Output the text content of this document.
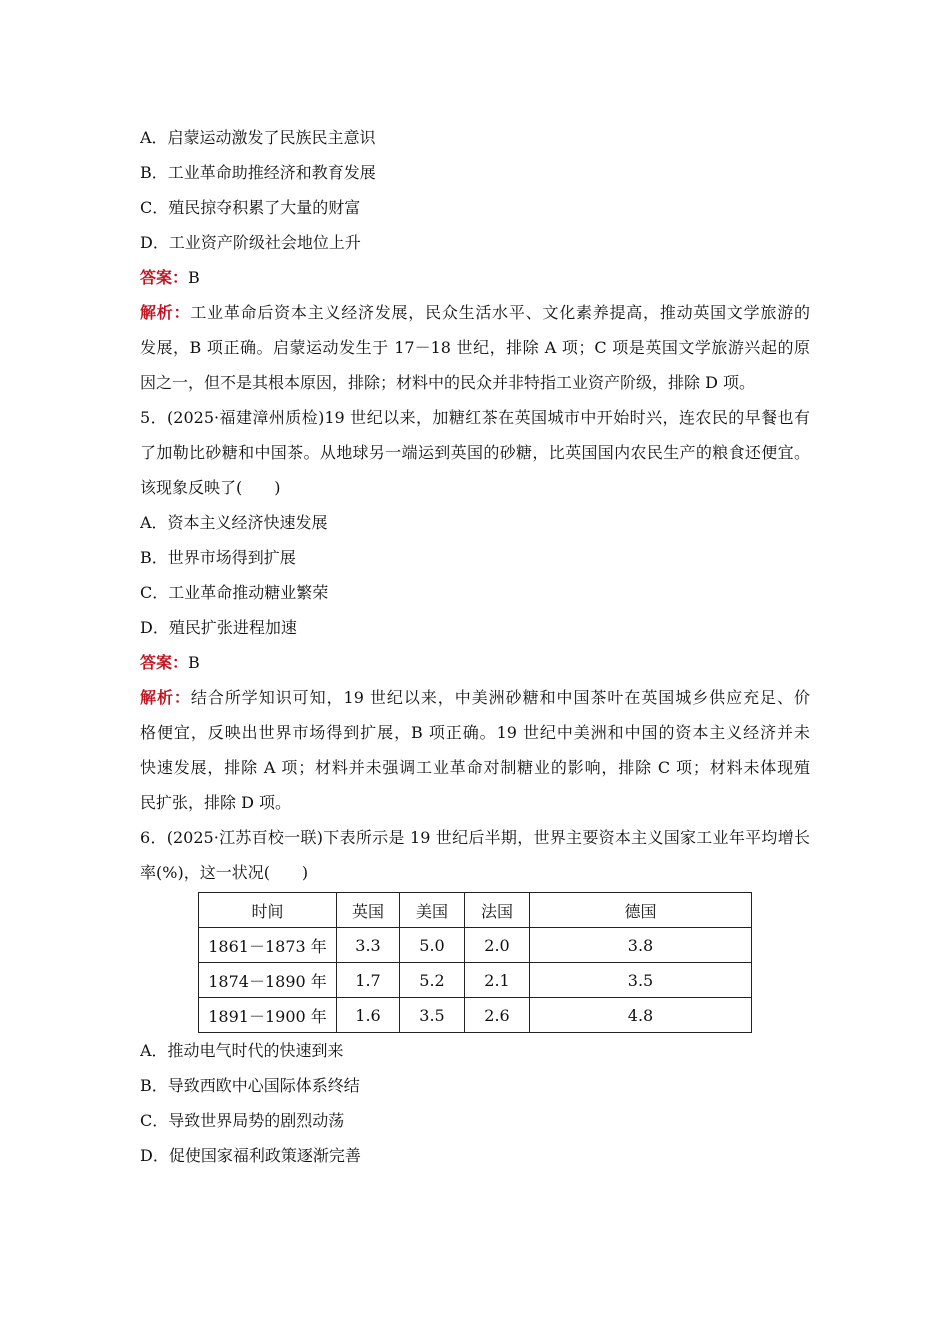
A．启蒙运动激发了民族民主意识
B．工业革命助推经济和教育发展
C．殖民掠夺积累了大量的财富
D．工业资产阶级社会地位上升
答案：B
解析：工业革命后资本主义经济发展，民众生活水平、文化素养提高，推动英国文学旅游的
发展，B 项正确。启蒙运动发生于 17－18 世纪，排除 A 项；C 项是英国文学旅游兴起的原
因之一，但不是其根本原因，排除；材料中的民众并非特指工业资产阶级，排除 D 项。
5．(2025·福建漳州质检)19 世纪以来，加糖红茶在英国城市中开始时兴，连农民的早餐也有
了加勒比砂糖和中国茶。从地球另一端运到英国的砂糖，比英国国内农民生产的粮食还便宜。
该现象反映了(　　)
A．资本主义经济快速发展
B．世界市场得到扩展
C．工业革命推动糖业繁荣
D．殖民扩张进程加速
答案：B
解析：结合所学知识可知，19 世纪以来，中美洲砂糖和中国茶叶在英国城乡供应充足、价
格便宜，反映出世界市场得到扩展，B 项正确。19 世纪中美洲和中国的资本主义经济并未
快速发展，排除 A 项；材料并未强调工业革命对制糖业的影响，排除 C 项；材料未体现殖
民扩张，排除 D 项。
6．(2025·江苏百校一联)下表所示是 19 世纪后半期，世界主要资本主义国家工业年平均增长
率(%)，这一状况(　　)
时间	英国	美国	法国	德国
1861－1873 年	3.3	5.0	2.0	3.8
1874－1890 年	1.7	5.2	2.1	3.5
1891－1900 年	1.6	3.5	2.6	4.8
A．推动电气时代的快速到来
B．导致西欧中心国际体系终结
C．导致世界局势的剧烈动荡
D．促使国家福利政策逐渐完善
